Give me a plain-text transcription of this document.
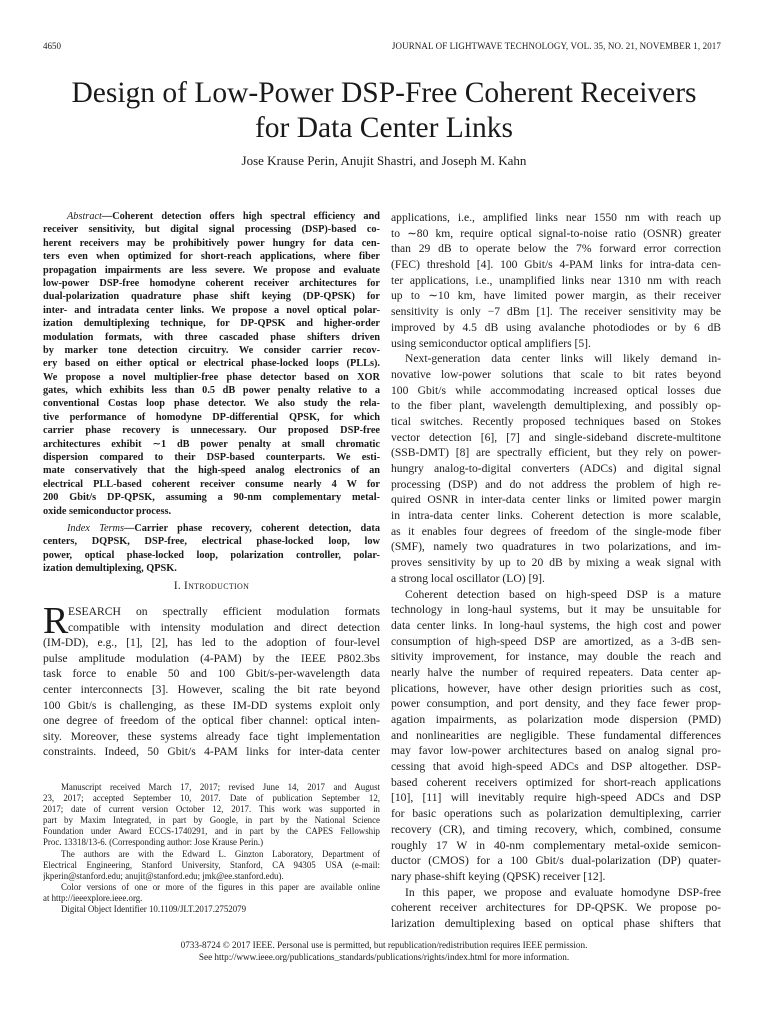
4650	JOURNAL OF LIGHTWAVE TECHNOLOGY, VOL. 35, NO. 21, NOVEMBER 1, 2017
Design of Low-Power DSP-Free Coherent Receivers
for Data Center Links
Jose Krause Perin, Anujit Shastri, and Joseph M. Kahn
Abstract—Coherent detection offers high spectral efficiency and
receiver sensitivity, but digital signal processing (DSP)-based co-
herent receivers may be prohibitively power hungry for data cen-
ters even when optimized for short-reach applications, where fiber
propagation impairments are less severe. We propose and evaluate
low-power DSP-free homodyne coherent receiver architectures for
dual-polarization quadrature phase shift keying (DP-QPSK) for
inter- and intradata center links. We propose a novel optical polar-
ization demultiplexing technique, for DP-QPSK and higher-order
modulation formats, with three cascaded phase shifters driven
by marker tone detection circuitry. We consider carrier recov-
ery based on either optical or electrical phase-locked loops (PLLs).
We propose a novel multiplier-free phase detector based on XOR
gates, which exhibits less than 0.5 dB power penalty relative to a
conventional Costas loop phase detector. We also study the rela-
tive performance of homodyne DP-differential QPSK, for which
carrier phase recovery is unnecessary. Our proposed DSP-free
architectures exhibit ∼1 dB power penalty at small chromatic
dispersion compared to their DSP-based counterparts. We esti-
mate conservatively that the high-speed analog electronics of an
electrical PLL-based coherent receiver consume nearly 4 W for
200 Gbit/s DP-QPSK, assuming a 90-nm complementary metal-
oxide semiconductor process.
Index Terms—Carrier phase recovery, coherent detection, data
centers, DQPSK, DSP-free, electrical phase-locked loop, low
power, optical phase-locked loop, polarization controller, polar-
ization demultiplexing, QPSK.
I. Introduction
R ESEARCH on spectrally efficient modulation formats
compatible with intensity modulation and direct detection
(IM-DD), e.g., [1], [2], has led to the adoption of four-level
pulse amplitude modulation (4-PAM) by the IEEE P802.3bs
task force to enable 50 and 100 Gbit/s-per-wavelength data
center interconnects [3]. However, scaling the bit rate beyond
100 Gbit/s is challenging, as these IM-DD systems exploit only
one degree of freedom of the optical fiber channel: optical inten-
sity. Moreover, these systems already face tight implementation
constraints. Indeed, 50 Gbit/s 4-PAM links for inter-data center
Manuscript received March 17, 2017; revised June 14, 2017 and August
23, 2017; accepted September 10, 2017. Date of publication September 12,
2017; date of current version October 12, 2017. This work was supported in
part by Maxim Integrated, in part by Google, in part by the National Science
Foundation under Award ECCS-1740291, and in part by the CAPES Fellowship
Proc. 13318/13-6. (Corresponding author: Jose Krause Perin.)
The authors are with the Edward L. Ginzton Laboratory, Department of
Electrical Engineering, Stanford University, Stanford, CA 94305 USA (e-mail:
jkperin@stanford.edu; anujit@stanford.edu; jmk@ee.stanford.edu).
Color versions of one or more of the figures in this paper are available online
at http://ieeexplore.ieee.org.
Digital Object Identifier 10.1109/JLT.2017.2752079
applications, i.e., amplified links near 1550 nm with reach up
to ∼80 km, require optical signal-to-noise ratio (OSNR) greater
than 29 dB to operate below the 7% forward error correction
(FEC) threshold [4]. 100 Gbit/s 4-PAM links for intra-data cen-
ter applications, i.e., unamplified links near 1310 nm with reach
up to ∼10 km, have limited power margin, as their receiver
sensitivity is only −7 dBm [1]. The receiver sensitivity may be
improved by 4.5 dB using avalanche photodiodes or by 6 dB
using semiconductor optical amplifiers [5].
Next-generation data center links will likely demand in-
novative low-power solutions that scale to bit rates beyond
100 Gbit/s while accommodating increased optical losses due
to the fiber plant, wavelength demultiplexing, and possibly op-
tical switches. Recently proposed techniques based on Stokes
vector detection [6], [7] and single-sideband discrete-multitone
(SSB-DMT) [8] are spectrally efficient, but they rely on power-
hungry analog-to-digital converters (ADCs) and digital signal
processing (DSP) and do not address the problem of high re-
quired OSNR in inter-data center links or limited power margin
in intra-data center links. Coherent detection is more scalable,
as it enables four degrees of freedom of the single-mode fiber
(SMF), namely two quadratures in two polarizations, and im-
proves sensitivity by up to 20 dB by mixing a weak signal with
a strong local oscillator (LO) [9].
Coherent detection based on high-speed DSP is a mature
technology in long-haul systems, but it may be unsuitable for
data center links. In long-haul systems, the high cost and power
consumption of high-speed DSP are amortized, as a 3-dB sen-
sitivity improvement, for instance, may double the reach and
nearly halve the number of required repeaters. Data center ap-
plications, however, have other design priorities such as cost,
power consumption, and port density, and they face fewer prop-
agation impairments, as polarization mode dispersion (PMD)
and nonlinearities are negligible. These fundamental differences
may favor low-power architectures based on analog signal pro-
cessing that avoid high-speed ADCs and DSP altogether. DSP-
based coherent receivers optimized for short-reach applications
[10], [11] will inevitably require high-speed ADCs and DSP
for basic operations such as polarization demultiplexing, carrier
recovery (CR), and timing recovery, which, combined, consume
roughly 17 W in 40-nm complementary metal-oxide semicon-
ductor (CMOS) for a 100 Gbit/s dual-polarization (DP) quater-
nary phase-shift keying (QPSK) receiver [12].
In this paper, we propose and evaluate homodyne DSP-free
coherent receiver architectures for DP-QPSK. We propose po-
larization demultiplexing based on optical phase shifters that
0733-8724 © 2017 IEEE. Personal use is permitted, but republication/redistribution requires IEEE permission.
See http://www.ieee.org/publications_standards/publications/rights/index.html for more information.
